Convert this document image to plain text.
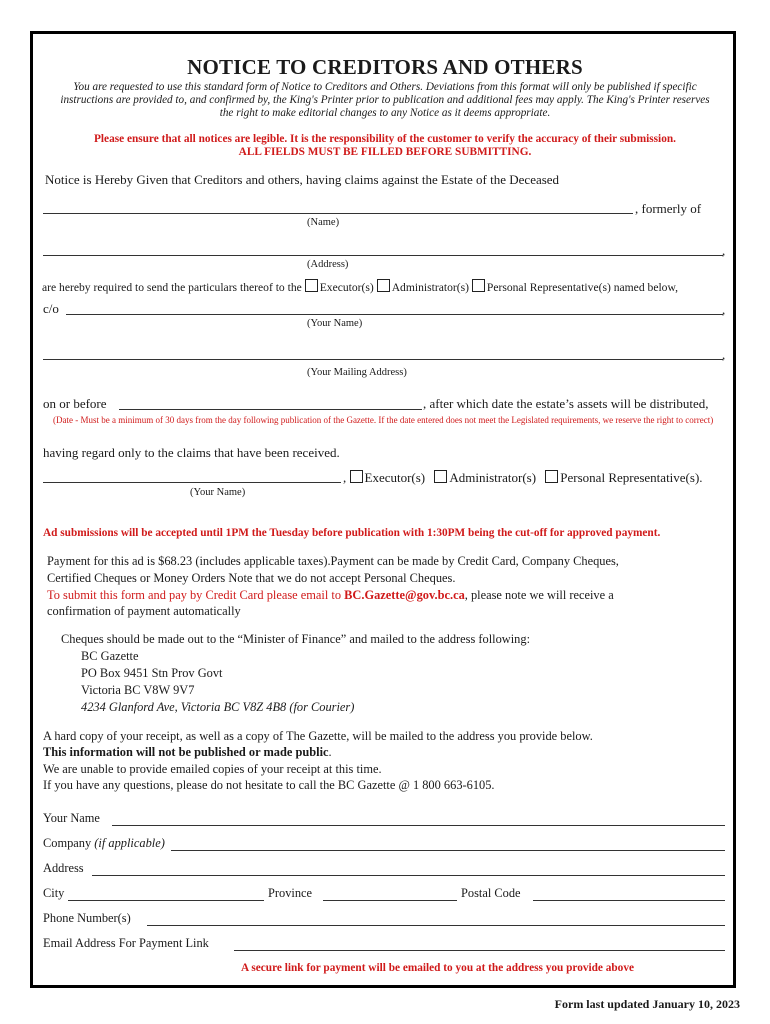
NOTICE TO CREDITORS AND OTHERS
You are requested to use this standard form of Notice to Creditors and Others. Deviations from this format will only be published if specific instructions are provided to, and confirmed by, the King's Printer prior to publication and additional fees may apply. The King's Printer reserves the right to make editorial changes to any Notice as it deems appropriate.
Please ensure that all notices are legible. It is the responsibility of the customer to verify the accuracy of their submission.
ALL FIELDS MUST BE FILLED BEFORE SUBMITTING.
Notice is Hereby Given that Creditors and others, having claims against the Estate of the Deceased
, formerly of
(Name)
,
(Address)
are hereby required to send the particulars thereof to the Executor(s) Administrator(s) Personal Representative(s) named below,
c/o	,
(Your Name)
,
(Your Mailing Address)
on or before	, after which date the estate’s assets will be distributed,
(Date - Must be a minimum of 30 days from the day following publication of the Gazette. If the date entered does not meet the Legislated requirements, we reserve the right to correct)
having regard only to the claims that have been received.
, Executor(s) Administrator(s) Personal Representative(s).
(Your Name)
Ad submissions will be accepted until 1PM the Tuesday before publication with 1:30PM being the cut-off for approved payment.
Payment for this ad is $68.23 (includes applicable taxes).Payment can be made by Credit Card, Company Cheques,
Certified Cheques or Money Orders Note that we do not accept Personal Cheques.
To submit this form and pay by Credit Card please email to BC.Gazette@gov.bc.ca, please note we will receive a
confirmation of payment automatically
Cheques should be made out to the “Minister of Finance” and mailed to the address following:
BC Gazette
PO Box 9451 Stn Prov Govt
Victoria BC V8W 9V7
4234 Glanford Ave, Victoria BC V8Z 4B8 (for Courier)
A hard copy of your receipt, as well as a copy of The Gazette, will be mailed to the address you provide below.
This information will not be published or made public.
We are unable to provide emailed copies of your receipt at this time.
If you have any questions, please do not hesitate to call the BC Gazette @ 1 800 663-6105.
Your Name
Company (if applicable)
Address
City	Province	Postal Code
Phone Number(s)
Email Address For Payment Link
A secure link for payment will be emailed to you at the address you provide above
Form last updated January 10, 2023
